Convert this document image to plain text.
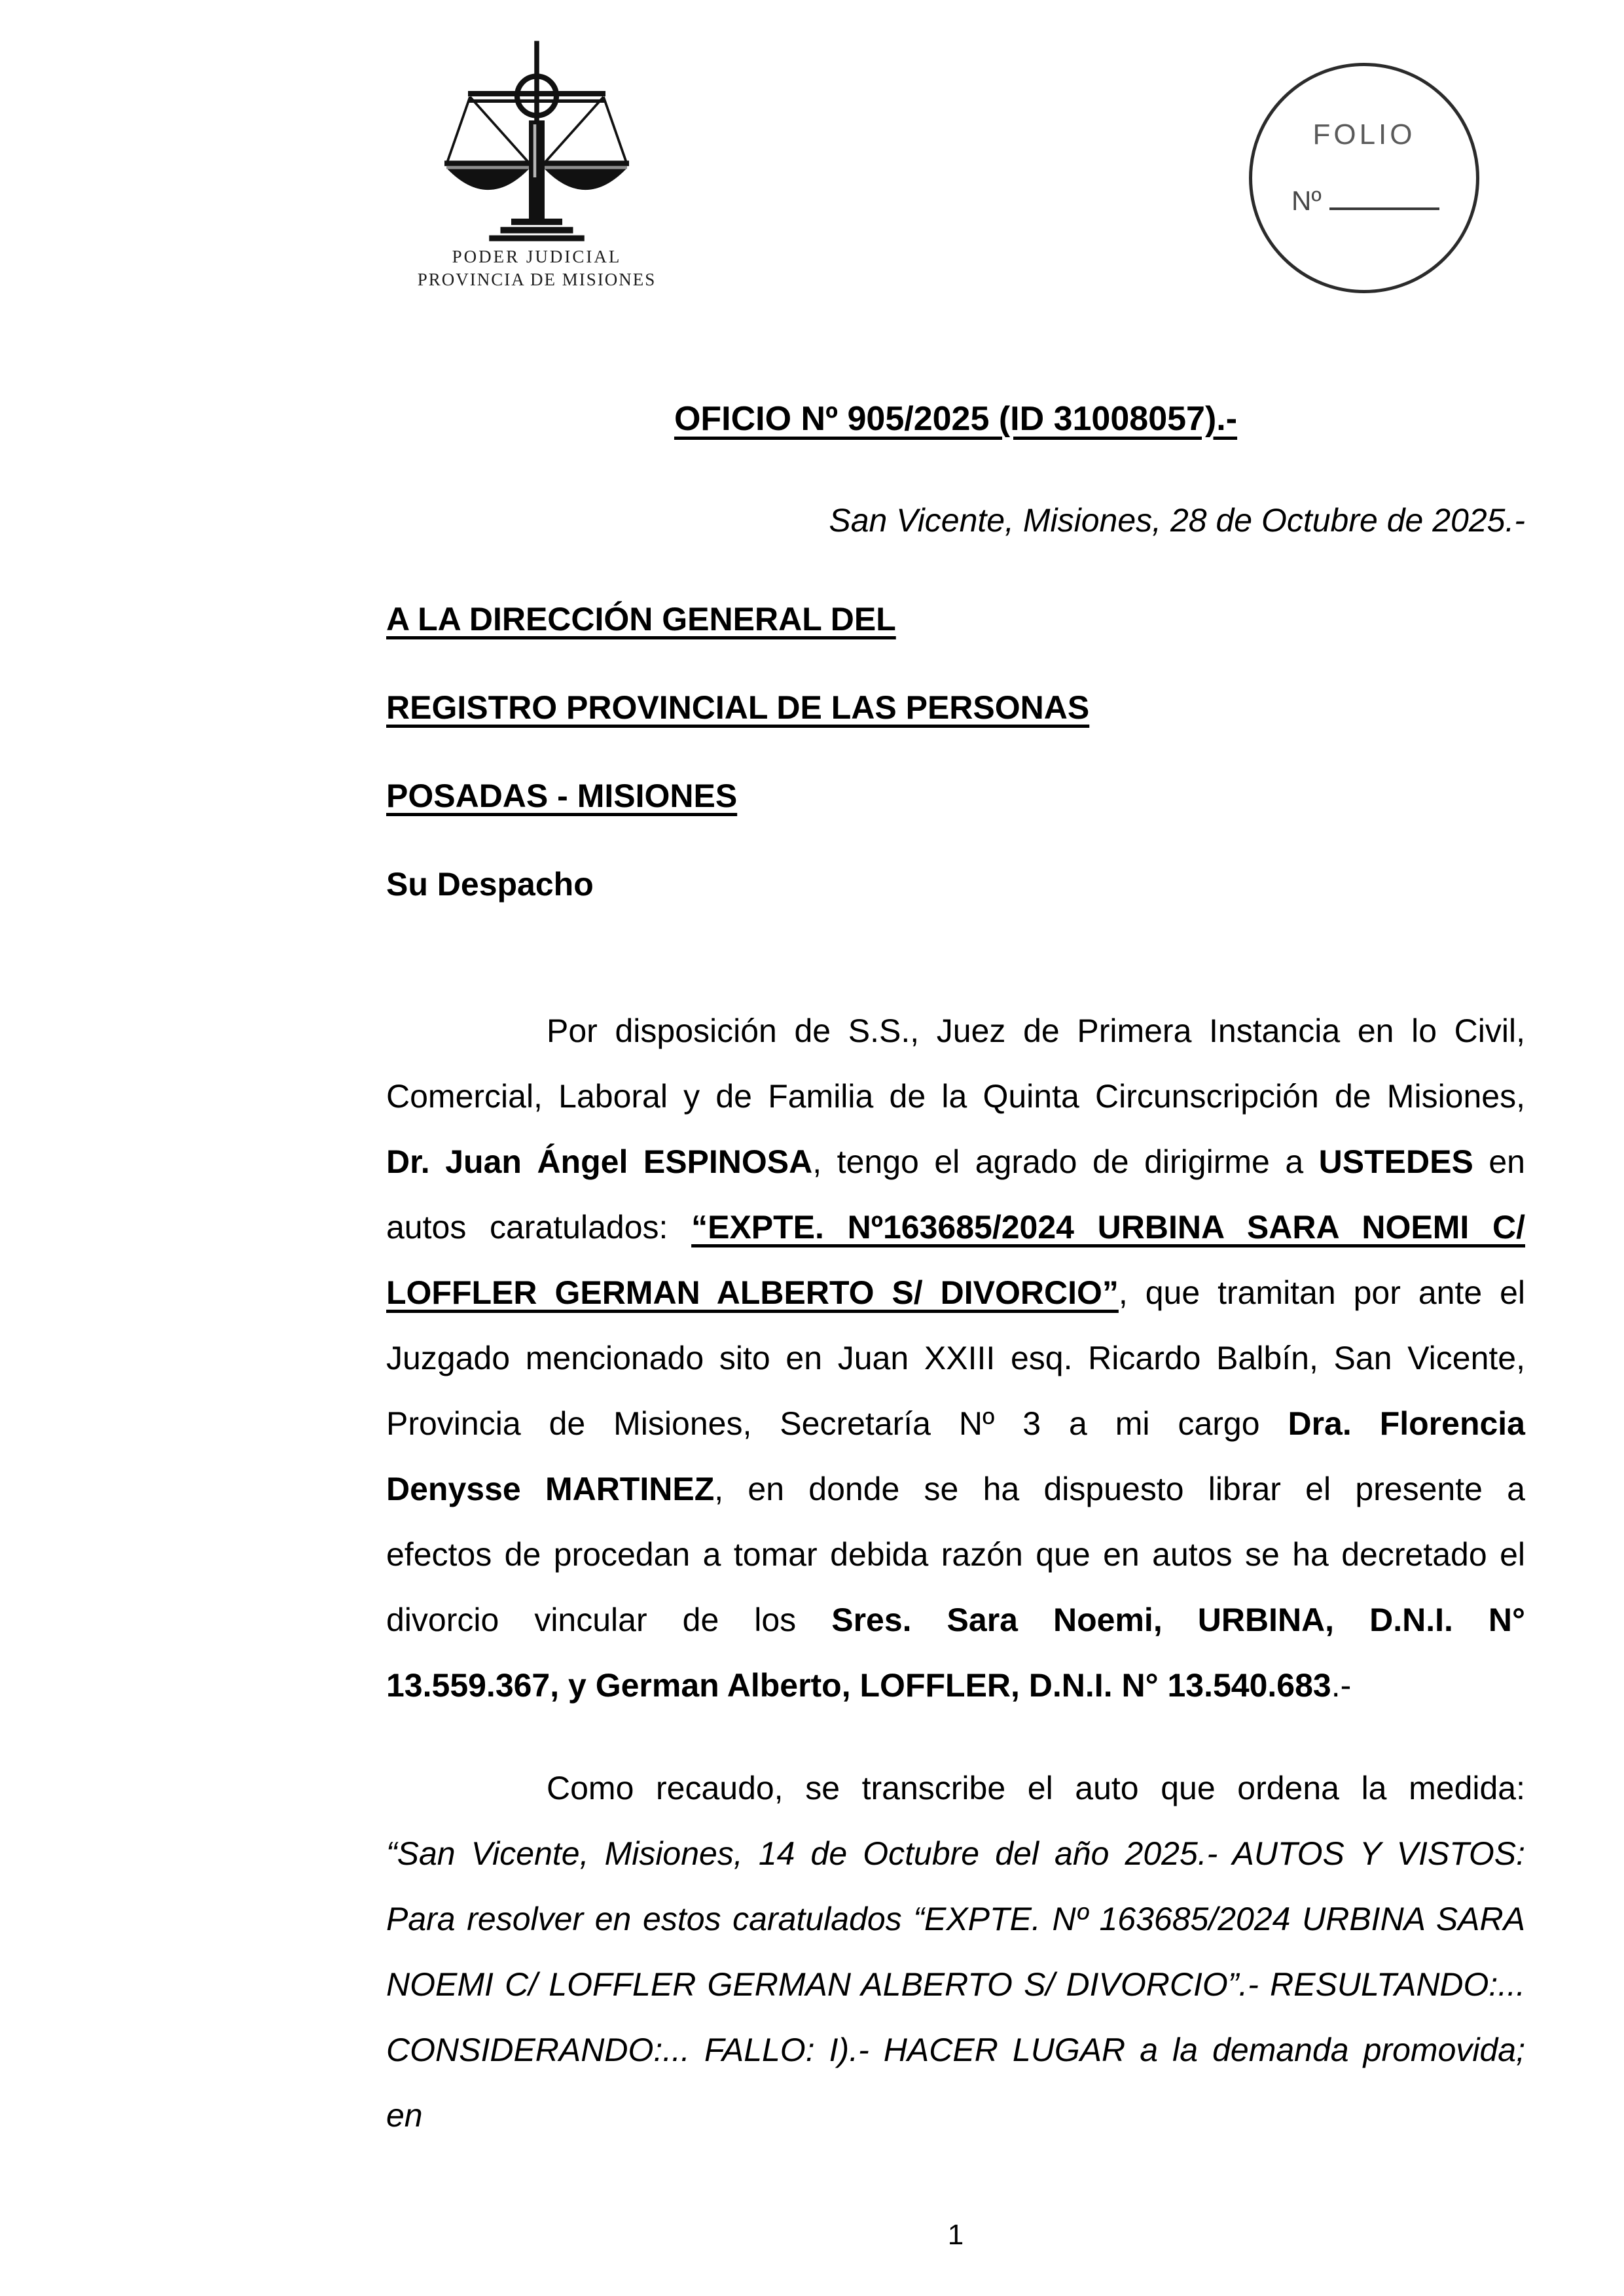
PODER JUDICIAL
PROVINCIA DE MISIONES
FOLIO
Nº
OFICIO Nº 905/2025 (ID 31008057).-
San Vicente, Misiones, 28 de Octubre de 2025.-
A LA DIRECCIÓN GENERAL DEL
REGISTRO PROVINCIAL DE LAS PERSONAS
POSADAS - MISIONES
Su Despacho
Por disposición de S.S., Juez de Primera Instancia en lo Civil,
Comercial, Laboral y de Familia de la Quinta Circunscripción de Misiones,
Dr. Juan Ángel ESPINOSA, tengo el agrado de dirigirme a USTEDES en
autos caratulados: “EXPTE. Nº163685/2024 URBINA SARA NOEMI C/
LOFFLER GERMAN ALBERTO S/ DIVORCIO”, que tramitan por ante el
Juzgado mencionado sito en Juan XXIII esq. Ricardo Balbín, San Vicente,
Provincia de Misiones, Secretaría Nº 3 a mi cargo Dra. Florencia
Denysse MARTINEZ, en donde se ha dispuesto librar el presente a
efectos de procedan a tomar debida razón que en autos se ha decretado el
divorcio vincular de los Sres. Sara Noemi, URBINA, D.N.I. N°
13.559.367, y German Alberto, LOFFLER, D.N.I. N° 13.540.683.-
Como recaudo, se transcribe el auto que ordena la medida:
“San Vicente, Misiones, 14 de Octubre del año 2025.- AUTOS Y VISTOS:
Para resolver en estos caratulados “EXPTE. Nº 163685/2024 URBINA SARA
NOEMI C/ LOFFLER GERMAN ALBERTO S/ DIVORCIO”.- RESULTANDO:...
CONSIDERANDO:... FALLO: I).- HACER LUGAR a la demanda promovida; en
1
